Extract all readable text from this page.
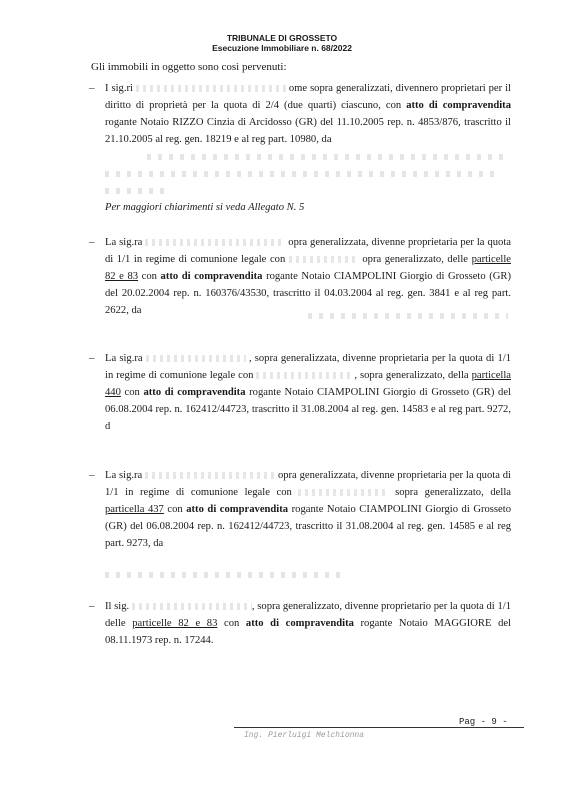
TRIBUNALE DI GROSSETO
Esecuzione Immobiliare n. 68/2022
Gli immobili in oggetto sono così pervenuti:
– I sig.ri	ome sopra generalizzati, divennero proprietari per il diritto di proprietà per la quota di 2/4 (due quarti) ciascuno, con atto di compravendita rogante Notaio RIZZO Cinzia di Arcidosso (GR) del 11.10.2005 rep. n. 4853/876, trascritto il 21.10.2005 al reg. gen. 18219 e al reg part. 10980, da

Per maggiori chiarimenti si veda Allegato N. 5
– La sig.ra	opra generalizzata, divenne proprietaria per la quota di 1/1 in regime di comunione legale con	opra generalizzato, delle particelle 82 e 83 con atto di compravendita rogante Notaio CIAMPOLINI Giorgio di Grosseto (GR) del 20.02.2004 rep. n. 160376/43530, trascritto il 04.03.2004 al reg. gen. 3841 e al reg part. 2622, da

– La sig.ra	, sopra generalizzata, divenne proprietaria per la quota di 1/1 in regime di comunione legale con	, sopra generalizzato, della particella 440 con atto di compravendita rogante Notaio CIAMPOLINI Giorgio di Grosseto (GR) del 06.08.2004 rep. n. 162412/44723, trascritto il 31.08.2004 al reg. gen. 14583 e al reg part. 9272, d

– La sig.ra	opra generalizzata, divenne proprietaria per la quota di 1/1 in regime di comunione legale con	sopra generalizzato, della particella 437 con atto di compravendita rogante Notaio CIAMPOLINI Giorgio di Grosseto (GR) del 06.08.2004 rep. n. 162412/44723, trascritto il 31.08.2004 al reg. gen. 14585 e al reg part. 9273, da

– Il sig.	, sopra generalizzato, divenne proprietario per la quota di 1/1 delle particelle 82 e 83 con atto di compravendita rogante Notaio MAGGIORE del 08.11.1973 rep. n. 17244.

Pag - 9 -
Ing. Pierluigi Melchionna
